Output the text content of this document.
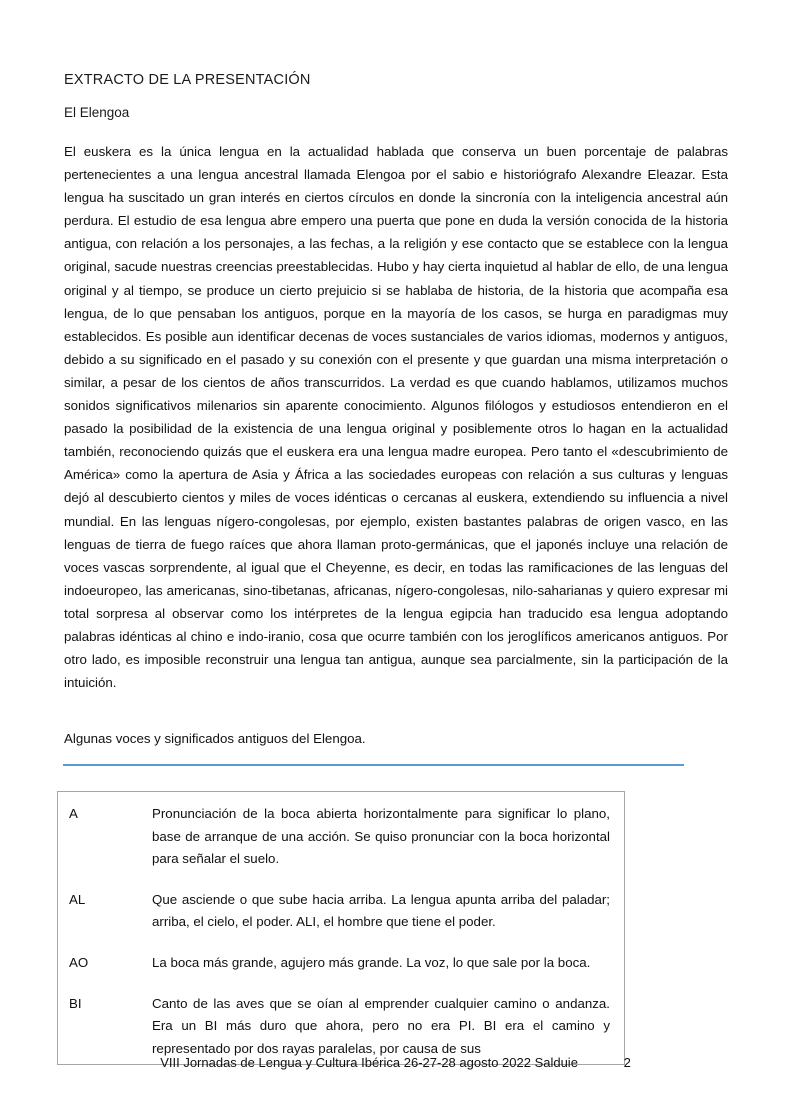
EXTRACTO DE LA PRESENTACIÓN
El Elengoa
El euskera es la única lengua en la actualidad hablada que conserva un buen porcentaje de palabras pertenecientes a una lengua ancestral llamada Elengoa por el sabio e historiógrafo Alexandre Eleazar. Esta lengua ha suscitado un gran interés en ciertos círculos en donde la sincronía con la inteligencia ancestral aún perdura. El estudio de esa lengua abre empero una puerta que pone en duda la versión conocida de la historia antigua, con relación a los personajes, a las fechas, a la religión y ese contacto que se establece con la lengua original, sacude nuestras creencias preestablecidas. Hubo y hay cierta inquietud al hablar de ello, de una lengua original y al tiempo, se produce un cierto prejuicio si se hablaba de historia, de la historia que acompaña esa lengua, de lo que pensaban los antiguos, porque en la mayoría de los casos, se hurga en paradigmas muy establecidos. Es posible aun identificar decenas de voces sustanciales de varios idiomas, modernos y antiguos, debido a su significado en el pasado y su conexión con el presente y que guardan una misma interpretación o similar, a pesar de los cientos de años transcurridos. La verdad es que cuando hablamos, utilizamos muchos sonidos significativos milenarios sin aparente conocimiento. Algunos filólogos y estudiosos entendieron en el pasado la posibilidad de la existencia de una lengua original y posiblemente otros lo hagan en la actualidad también, reconociendo quizás que el euskera era una lengua madre europea. Pero tanto el «descubrimiento de América» como la apertura de Asia y África a las sociedades europeas con relación a sus culturas y lenguas dejó al descubierto cientos y miles de voces idénticas o cercanas al euskera, extendiendo su influencia a nivel mundial. En las lenguas nígero-congolesas, por ejemplo, existen bastantes palabras de origen vasco, en las lenguas de tierra de fuego raíces que ahora llaman proto-germánicas, que el japonés incluye una relación de voces vascas sorprendente, al igual que el Cheyenne, es decir, en todas las ramificaciones de las lenguas del indoeuropeo, las americanas, sino-tibetanas, africanas, nígero-congolesas, nilo-saharianas y quiero expresar mi total sorpresa al observar como los intérpretes de la lengua egipcia han traducido esa lengua adoptando palabras idénticas al chino e indo-iranio, cosa que ocurre también con los jeroglíficos americanos antiguos. Por otro lado, es imposible reconstruir una lengua tan antigua, aunque sea parcialmente, sin la participación de la intuición.
Algunas voces y significados antiguos del Elengoa.
A	Pronunciación de la boca abierta horizontalmente para significar lo plano, base de arranque de una acción. Se quiso pronunciar con la boca horizontal para señalar el suelo.
AL	Que asciende o que sube hacia arriba. La lengua apunta arriba del paladar; arriba, el cielo, el poder. ALI, el hombre que tiene el poder.
AO	La boca más grande, agujero más grande. La voz, lo que sale por la boca.
BI	Canto de las aves que se oían al emprender cualquier camino o andanza. Era un BI más duro que ahora, pero no era PI. BI era el camino y representado por dos rayas paralelas, por causa de sus
VIII Jornadas de Lengua y Cultura Ibérica 26-27-28 agosto 2022 Salduie	2
